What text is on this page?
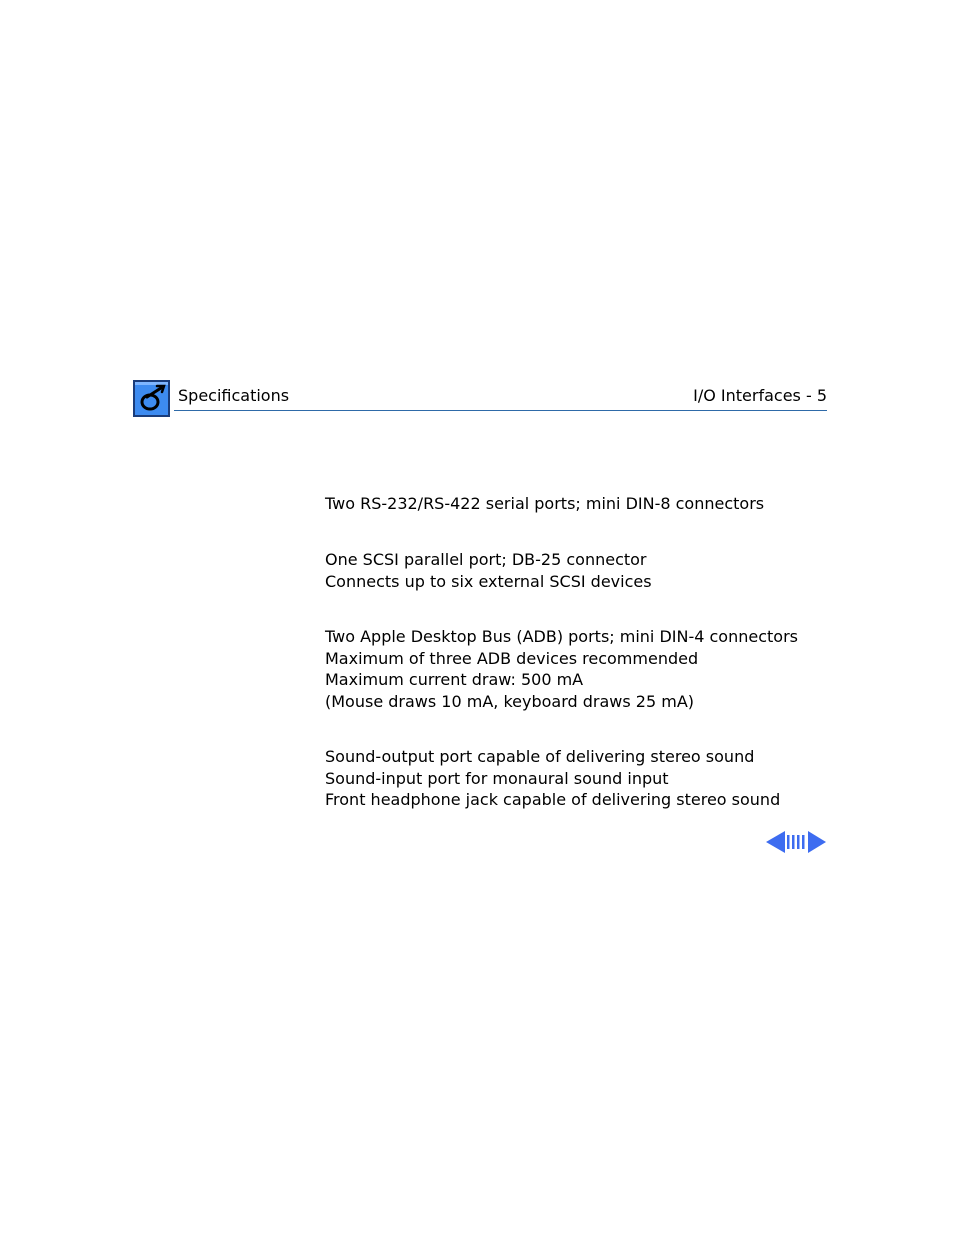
Specifications	I/O Interfaces - 5
Two RS-232/RS-422 serial ports; mini DIN-8 connectors
One SCSI parallel port; DB-25 connector
Connects up to six external SCSI devices
Two Apple Desktop Bus (ADB) ports; mini DIN-4 connectors
Maximum of three ADB devices recommended
Maximum current draw: 500 mA
(Mouse draws 10 mA, keyboard draws 25 mA)
Sound-output port capable of delivering stereo sound
Sound-input port for monaural sound input
Front headphone jack capable of delivering stereo sound
